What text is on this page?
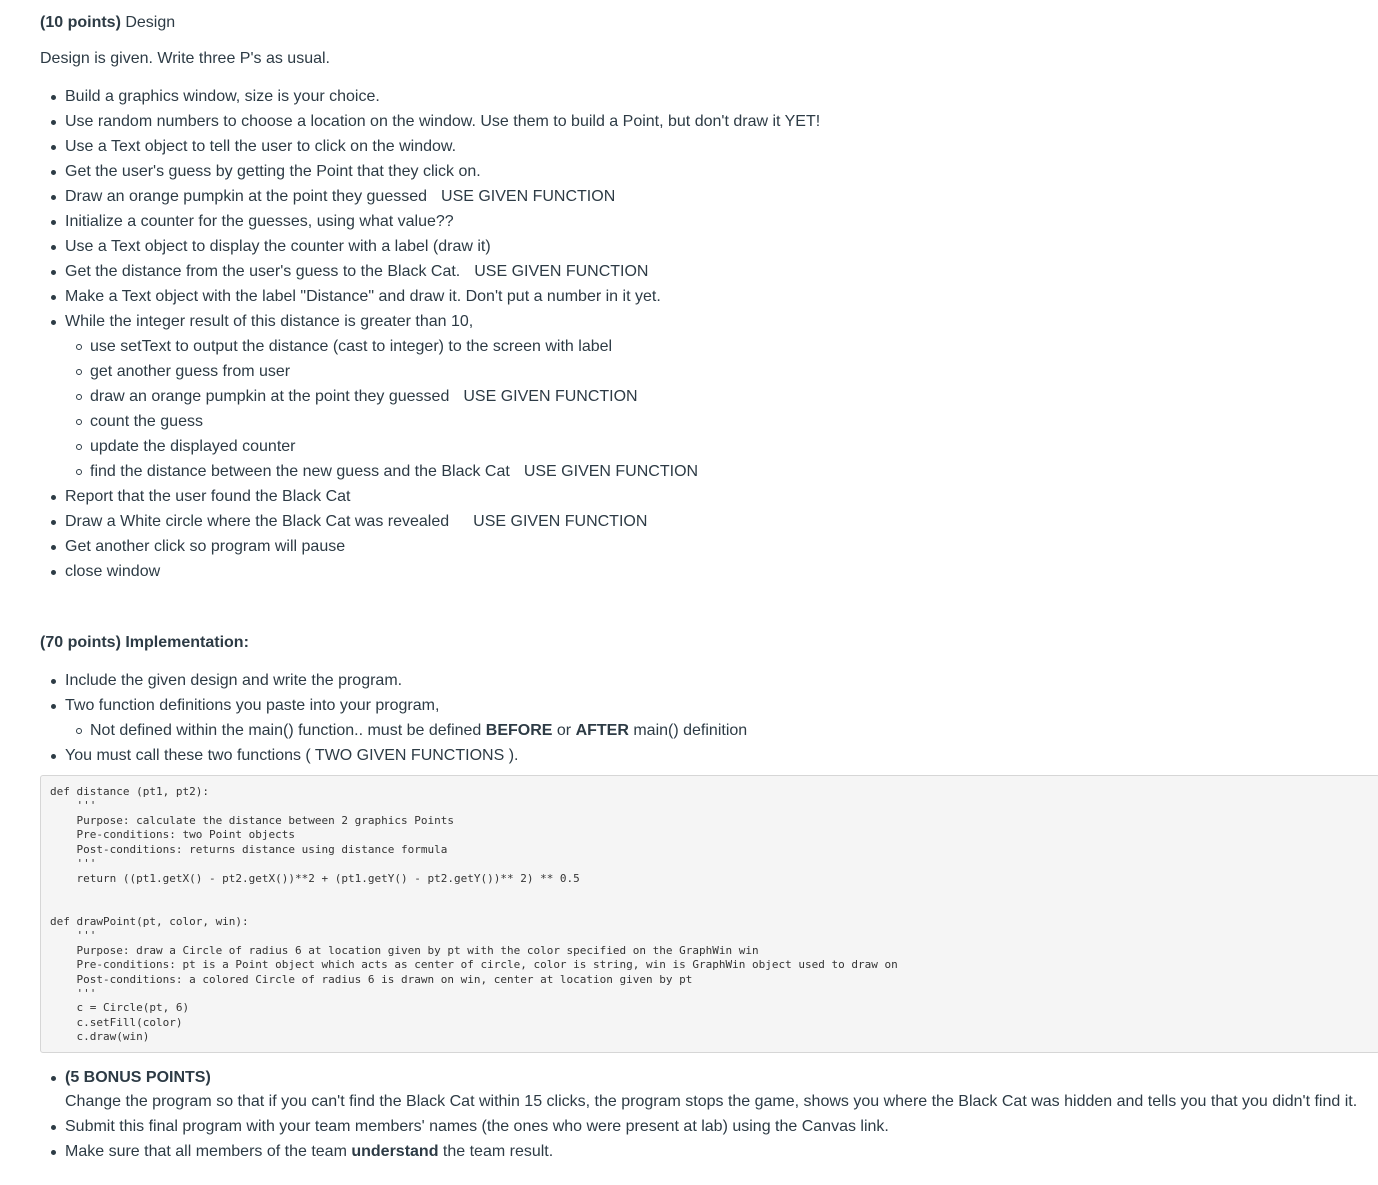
(10 points) Design
Design is given. Write three P's as usual.
Build a graphics window, size is your choice.
Use random numbers to choose a location on the window. Use them to build a Point, but don't draw it YET!
Use a Text object to tell the user to click on the window.
Get the user's guess by getting the Point that they click on.
Draw an orange pumpkin at the point they guessed USE GIVEN FUNCTION
Initialize a counter for the guesses, using what value??
Use a Text object to display the counter with a label (draw it)
Get the distance from the user's guess to the Black Cat. USE GIVEN FUNCTION
Make a Text object with the label "Distance" and draw it. Don't put a number in it yet.
While the integer result of this distance is greater than 10,
use setText to output the distance (cast to integer) to the screen with label
get another guess from user
draw an orange pumpkin at the point they guessed USE GIVEN FUNCTION
count the guess
update the displayed counter
find the distance between the new guess and the Black Cat USE GIVEN FUNCTION
Report that the user found the Black Cat
Draw a White circle where the Black Cat was revealed USE GIVEN FUNCTION
Get another click so program will pause
close window
(70 points) Implementation:
Include the given design and write the program.
Two function definitions you paste into your program,
Not defined within the main() function.. must be defined BEFORE or AFTER main() definition
You must call these two functions ( TWO GIVEN FUNCTIONS ).
def distance (pt1, pt2):
'''
Purpose: calculate the distance between 2 graphics Points
Pre-conditions: two Point objects
Post-conditions: returns distance using distance formula
'''
return ((pt1.getX() - pt2.getX())**2 + (pt1.getY() - pt2.getY())** 2) ** 0.5
def drawPoint(pt, color, win):
'''
Purpose: draw a Circle of radius 6 at location given by pt with the color specified on the GraphWin win
Pre-conditions: pt is a Point object which acts as center of circle, color is string, win is GraphWin object used to draw on
Post-conditions: a colored Circle of radius 6 is drawn on win, center at location given by pt
'''
c = Circle(pt, 6)
c.setFill(color)
c.draw(win)
(5 BONUS POINTS)
Change the program so that if you can't find the Black Cat within 15 clicks, the program stops the game, shows you where the Black Cat was hidden and tells you that you didn't find it.
Submit this final program with your team members' names (the ones who were present at lab) using the Canvas link.
Make sure that all members of the team understand the team result.
